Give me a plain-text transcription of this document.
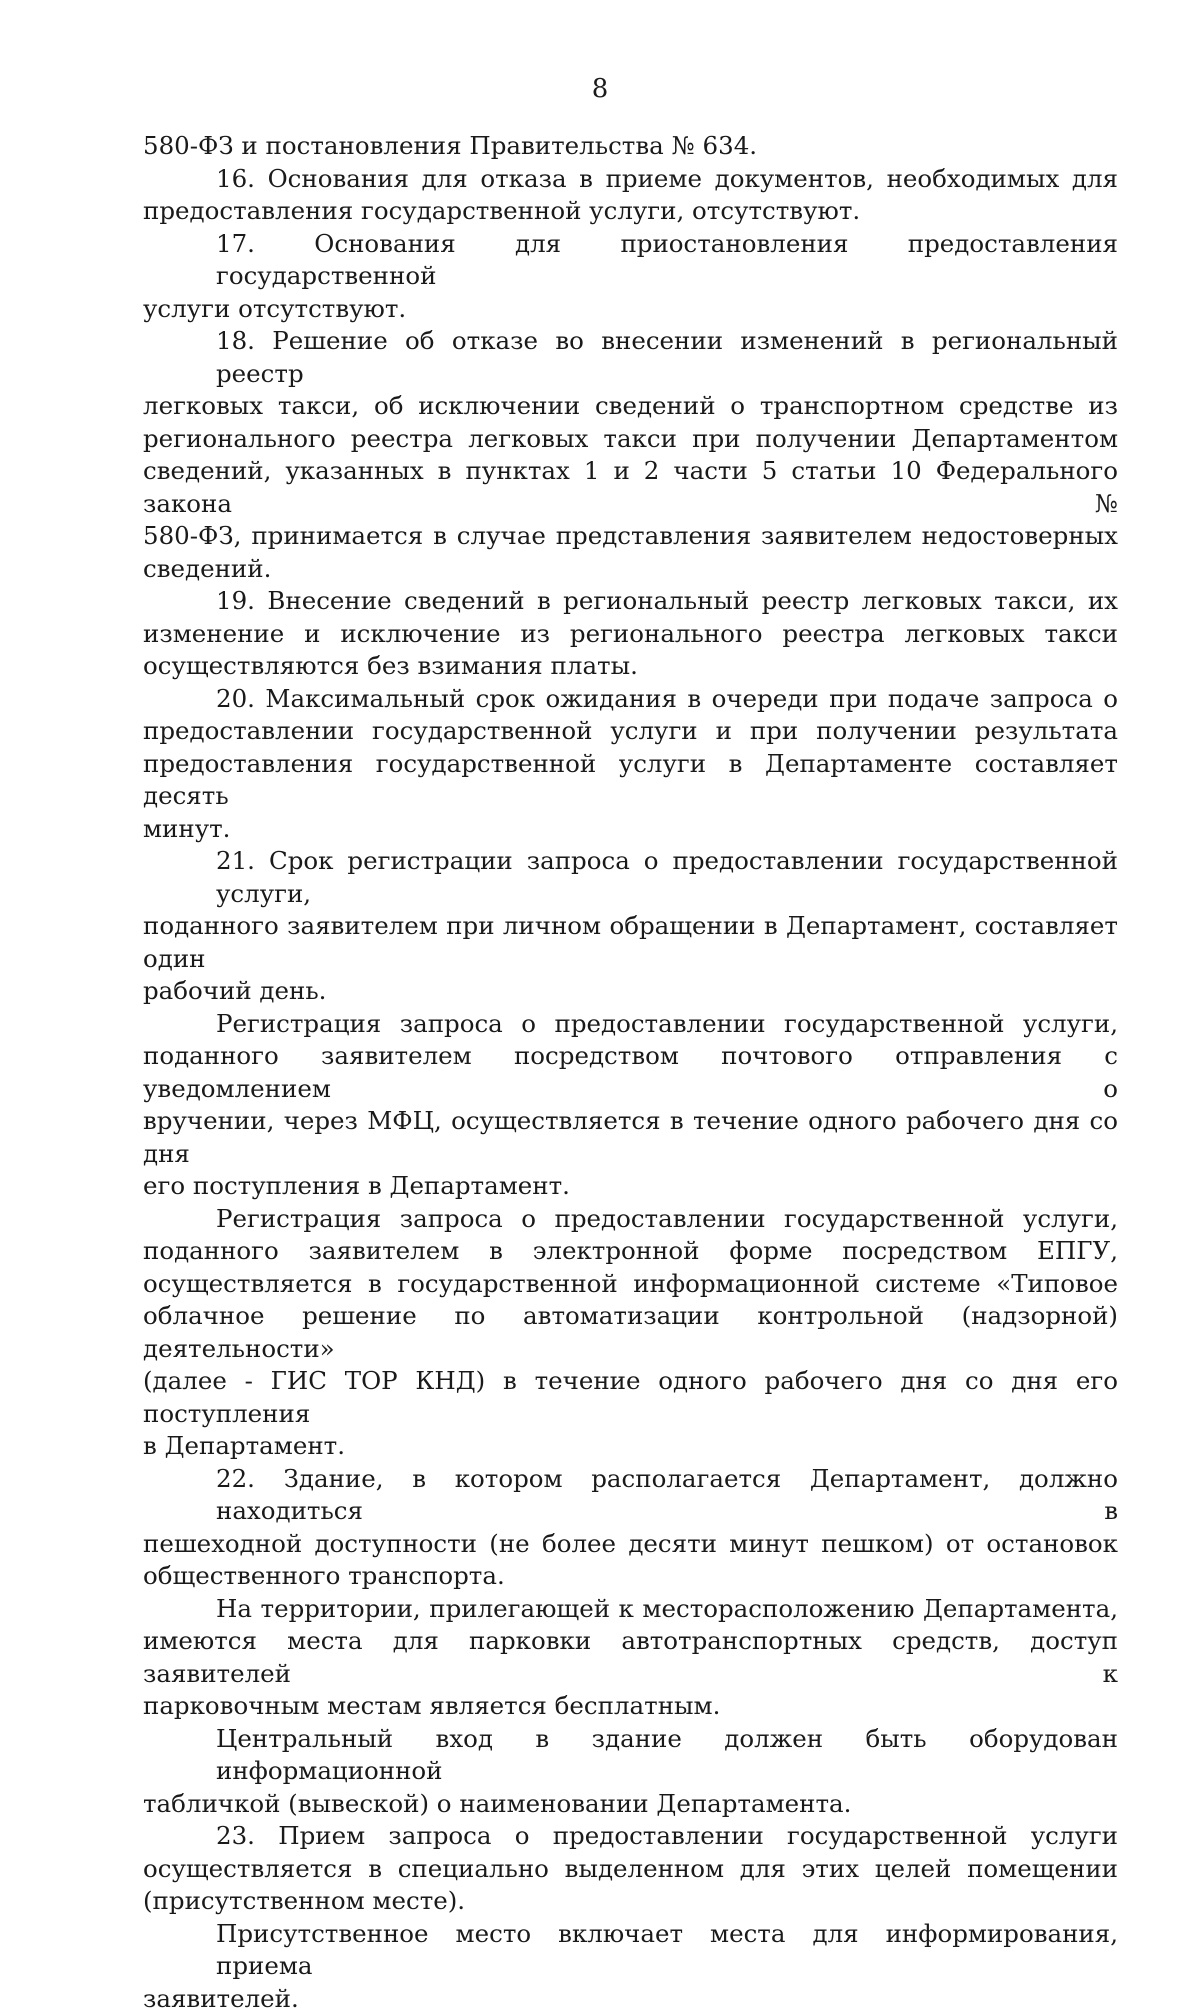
8
580-ФЗ и постановления Правительства № 634.
16. Основания для отказа в приеме документов, необходимых для
предоставления государственной услуги, отсутствуют.
17. Основания для приостановления предоставления государственной
услуги отсутствуют.
18. Решение об отказе во внесении изменений в региональный реестр
легковых такси, об исключении сведений о транспортном средстве из
регионального реестра легковых такси при получении Департаментом
сведений, указанных в пунктах 1 и 2 части 5 статьи 10 Федерального закона №
580-ФЗ, принимается в случае представления заявителем недостоверных
сведений.
19. Внесение сведений в региональный реестр легковых такси, их
изменение и исключение из регионального реестра легковых такси
осуществляются без взимания платы.
20. Максимальный срок ожидания в очереди при подаче запроса о
предоставлении государственной услуги и при получении результата
предоставления государственной услуги в Департаменте составляет десять
минут.
21. Срок регистрации запроса о предоставлении государственной услуги,
поданного заявителем при личном обращении в Департамент, составляет один
рабочий день.
Регистрация запроса о предоставлении государственной услуги,
поданного заявителем посредством почтового отправления с уведомлением о
вручении, через МФЦ, осуществляется в течение одного рабочего дня со дня
его поступления в Департамент.
Регистрация запроса о предоставлении государственной услуги,
поданного заявителем в электронной форме посредством ЕПГУ,
осуществляется в государственной информационной системе «Типовое
облачное решение по автоматизации контрольной (надзорной) деятельности»
(далее - ГИС ТОР КНД) в течение одного рабочего дня со дня его поступления
в Департамент.
22. Здание, в котором располагается Департамент, должно находиться в
пешеходной доступности (не более десяти минут пешком) от остановок
общественного транспорта.
На территории, прилегающей к месторасположению Департамента,
имеются места для парковки автотранспортных средств, доступ заявителей к
парковочным местам является бесплатным.
Центральный вход в здание должен быть оборудован информационной
табличкой (вывеской) о наименовании Департамента.
23. Прием запроса о предоставлении государственной услуги
осуществляется в специально выделенном для этих целей помещении
(присутственном месте).
Присутственное место включает места для информирования, приема
заявителей.
